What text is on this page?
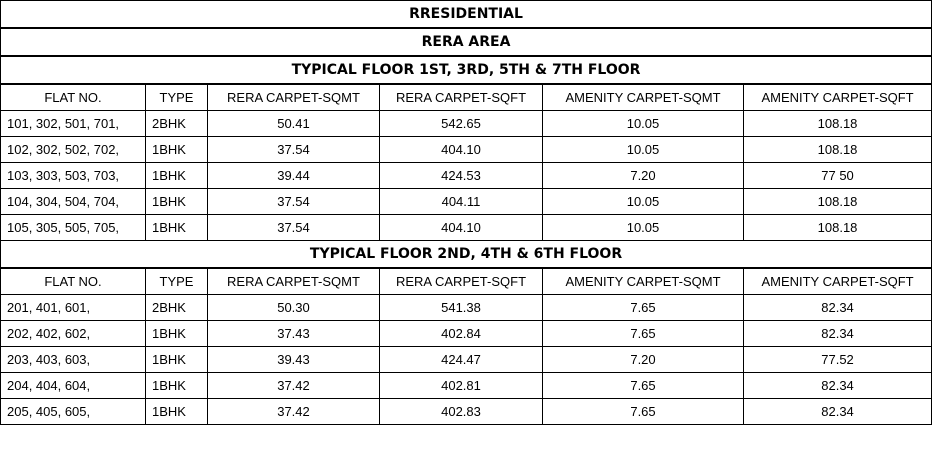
RRESIDENTIAL					
RERA AREA					
TYPICAL FLOOR 1ST, 3RD, 5TH & 7TH FLOOR					
FLAT NO.	TYPE	RERA CARPET-SQMT	RERA CARPET-SQFT	AMENITY CARPET-SQMT	AMENITY CARPET-SQFT
101, 302, 501, 701,	2BHK	50.41	542.65	10.05	108.18
102, 302, 502, 702,	1BHK	37.54	404.10	10.05	108.18
103, 303, 503, 703,	1BHK	39.44	424.53	7.20	77 50
104, 304, 504, 704,	1BHK	37.54	404.11	10.05	108.18
105, 305, 505, 705,	1BHK	37.54	404.10	10.05	108.18
TYPICAL FLOOR 2ND, 4TH & 6TH FLOOR					
FLAT NO.	TYPE	RERA CARPET-SQMT	RERA CARPET-SQFT	AMENITY CARPET-SQMT	AMENITY CARPET-SQFT
201, 401, 601,	2BHK	50.30	541.38	7.65	82.34
202, 402, 602,	1BHK	37.43	402.84	7.65	82.34
203, 403, 603,	1BHK	39.43	424.47	7.20	77.52
204, 404, 604,	1BHK	37.42	402.81	7.65	82.34
205, 405, 605,	1BHK	37.42	402.83	7.65	82.34
